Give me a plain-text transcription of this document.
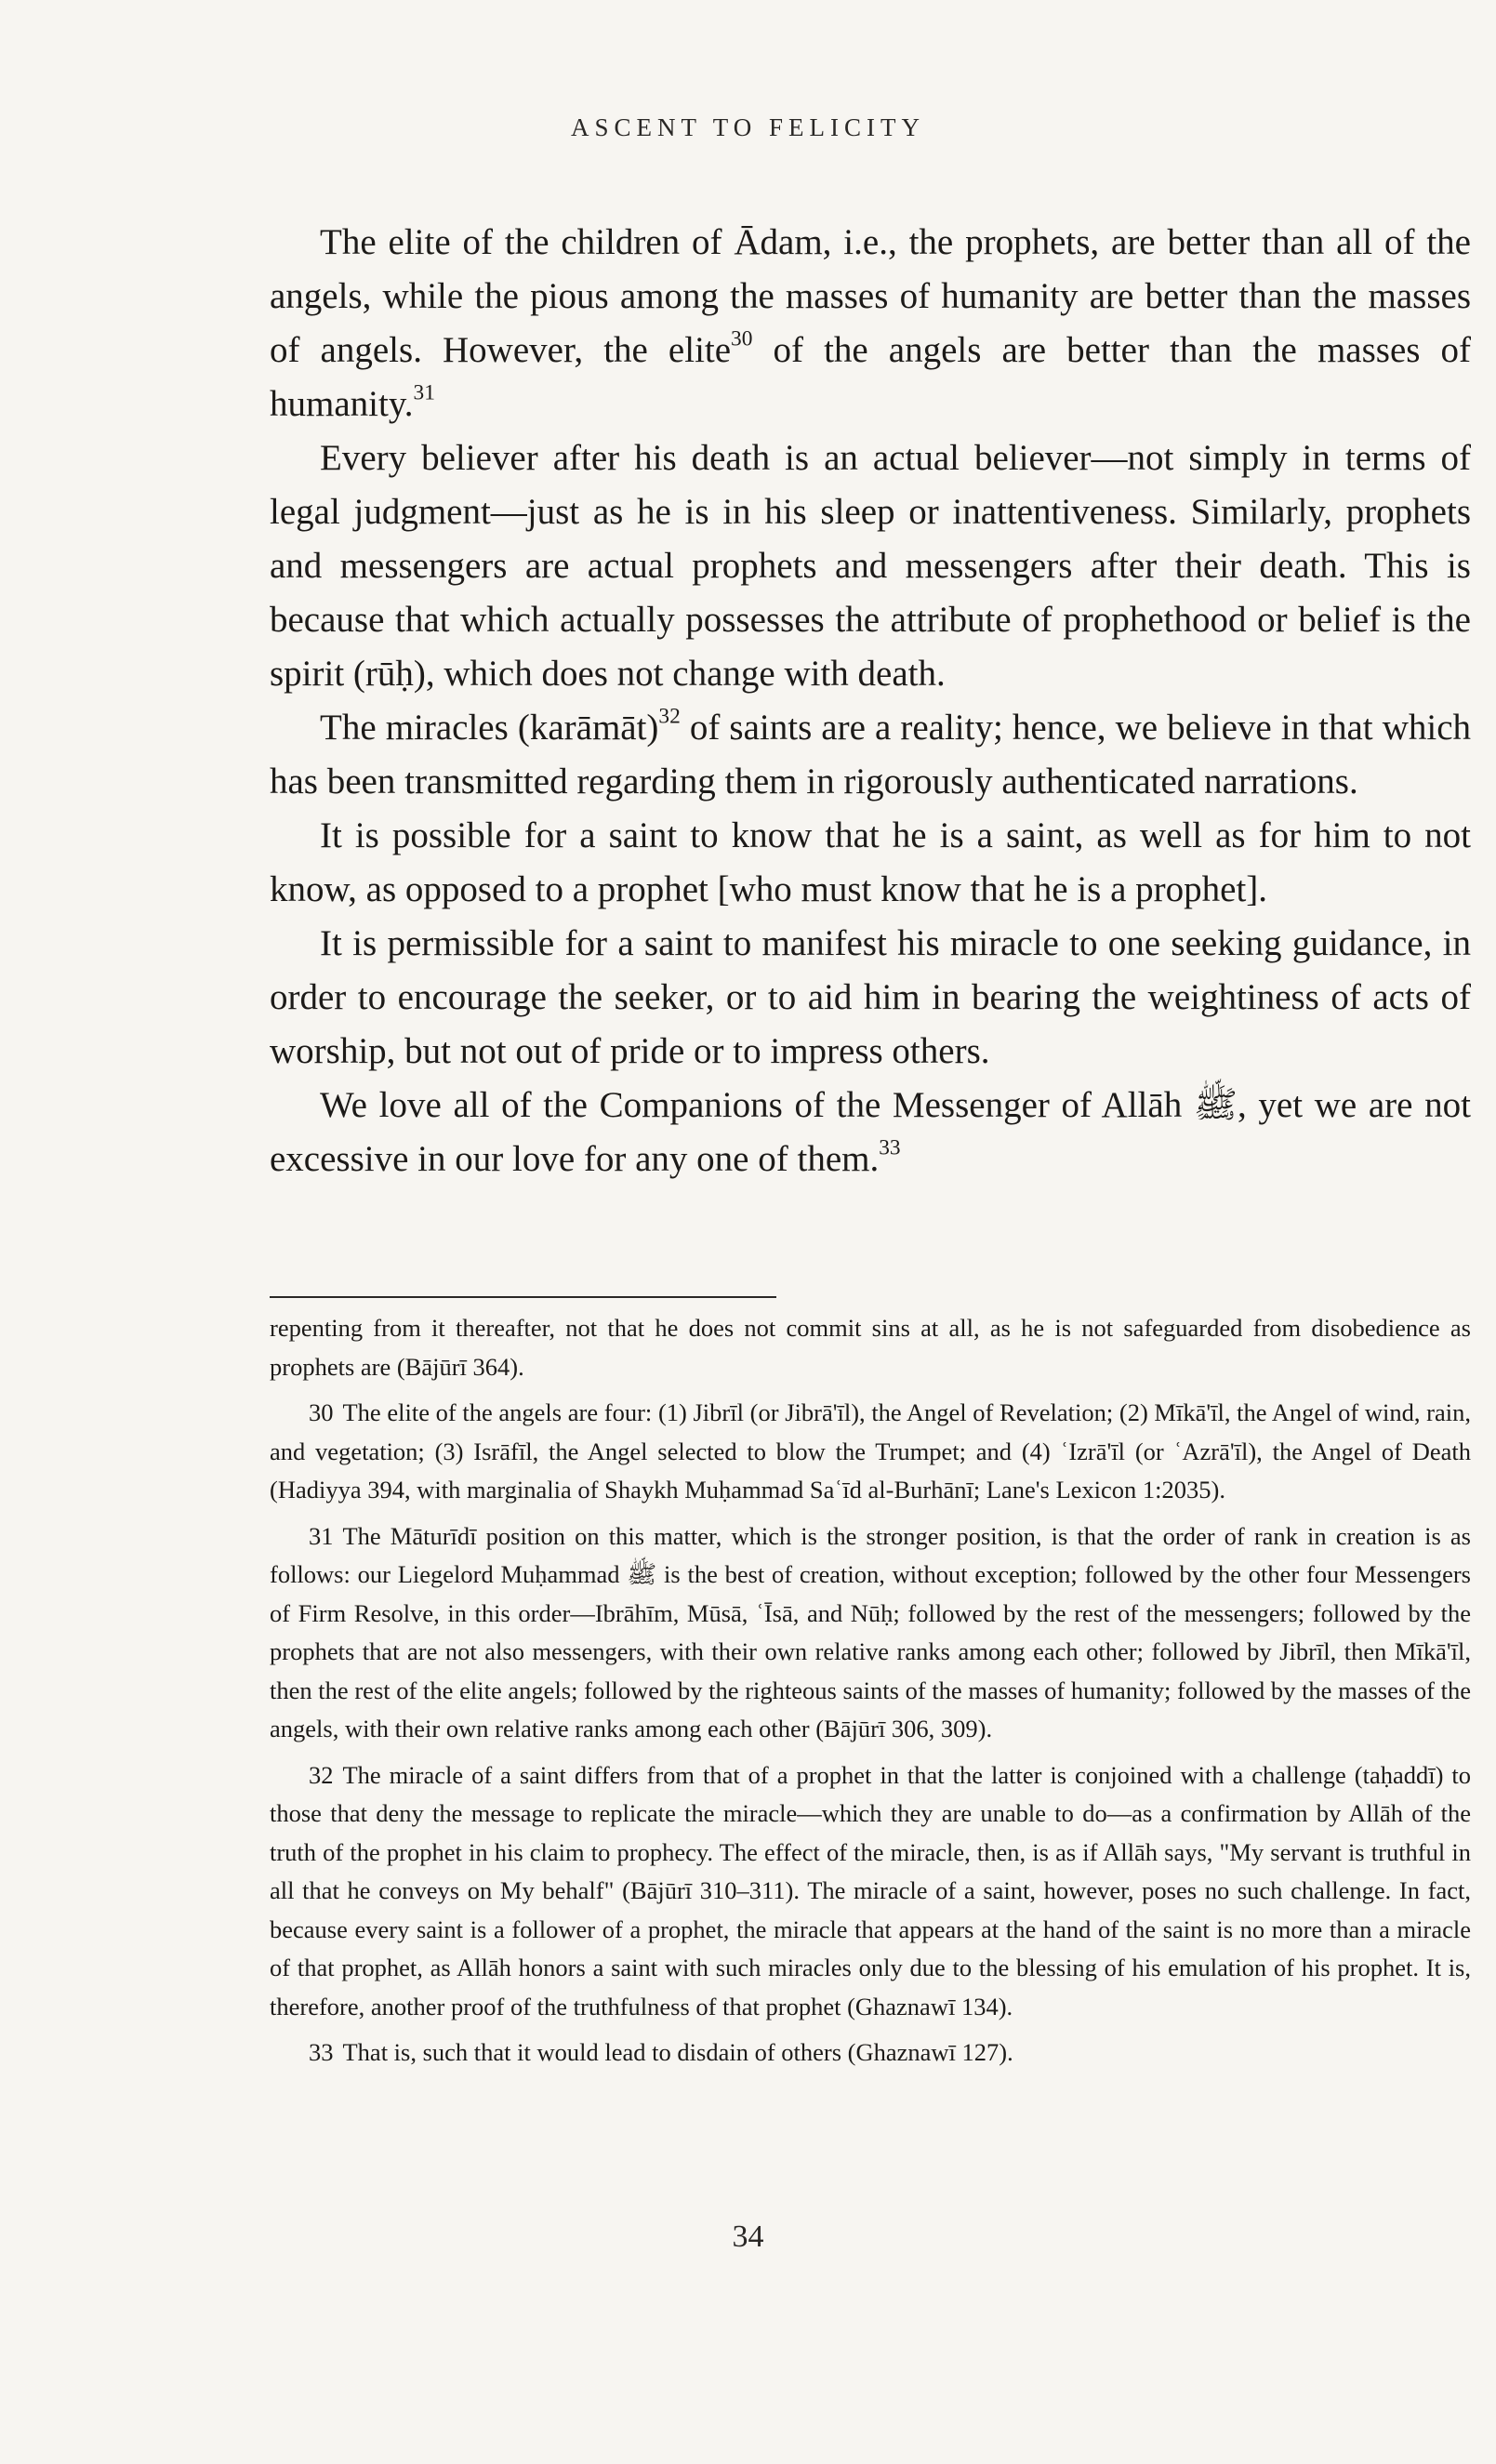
ASCENT TO FELICITY

The elite of the children of Ādam, i.e., the prophets, are better than all of the angels, while the pious among the masses of humanity are better than the masses of angels. However, the elite$^{30}$ of the angels are better than the masses of humanity.$^{31}$

Every believer after his death is an actual believer—not simply in terms of legal judgment—just as he is in his sleep or inattentiveness. Similarly, prophets and messengers are actual prophets and messengers after their death. This is because that which actually possesses the attribute of prophethood or belief is the spirit (rūḥ), which does not change with death.

The miracles (karāmāt)$^{32}$ of saints are a reality; hence, we believe in that which has been transmitted regarding them in rigorously authenticated narrations.

It is possible for a saint to know that he is a saint, as well as for him to not know, as opposed to a prophet [who must know that he is a prophet].

It is permissible for a saint to manifest his miracle to one seeking guidance, in order to encourage the seeker, or to aid him in bearing the weightiness of acts of worship, but not out of pride or to impress others.

We love all of the Companions of the Messenger of Allāh ﷺ, yet we are not excessive in our love for any one of them.$^{33}$

repenting from it thereafter, not that he does not commit sins at all, as he is not safeguarded from disobedience as prophets are (Bājūrī 364).

30 The elite of the angels are four: (1) Jibrīl (or Jibrā'īl), the Angel of Revelation; (2) Mīkā'īl, the Angel of wind, rain, and vegetation; (3) Isrāfīl, the Angel selected to blow the Trumpet; and (4) ʿIzrā'īl (or ʿAzrā'īl), the Angel of Death (Hadiyya 394, with marginalia of Shaykh Muḥammad Saʿīd al-Burhānī; Lane's Lexicon 1:2035).

31 The Māturīdī position on this matter, which is the stronger position, is that the order of rank in creation is as follows: our Liegelord Muḥammad ﷺ is the best of creation, without exception; followed by the other four Messengers of Firm Resolve, in this order—Ibrāhīm, Mūsā, ʿĪsā, and Nūḥ; followed by the rest of the messengers; followed by the prophets that are not also messengers, with their own relative ranks among each other; followed by Jibrīl, then Mīkā'īl, then the rest of the elite angels; followed by the righteous saints of the masses of humanity; followed by the masses of the angels, with their own relative ranks among each other (Bājūrī 306, 309).

32 The miracle of a saint differs from that of a prophet in that the latter is conjoined with a challenge (taḥaddī) to those that deny the message to replicate the miracle—which they are unable to do—as a confirmation by Allāh of the truth of the prophet in his claim to prophecy. The effect of the miracle, then, is as if Allāh says, "My servant is truthful in all that he conveys on My behalf" (Bājūrī 310–311). The miracle of a saint, however, poses no such challenge. In fact, because every saint is a follower of a prophet, the miracle that appears at the hand of the saint is no more than a miracle of that prophet, as Allāh honors a saint with such miracles only due to the blessing of his emulation of his prophet. It is, therefore, another proof of the truthfulness of that prophet (Ghaznawī 134).

33 That is, such that it would lead to disdain of others (Ghaznawī 127).

34
